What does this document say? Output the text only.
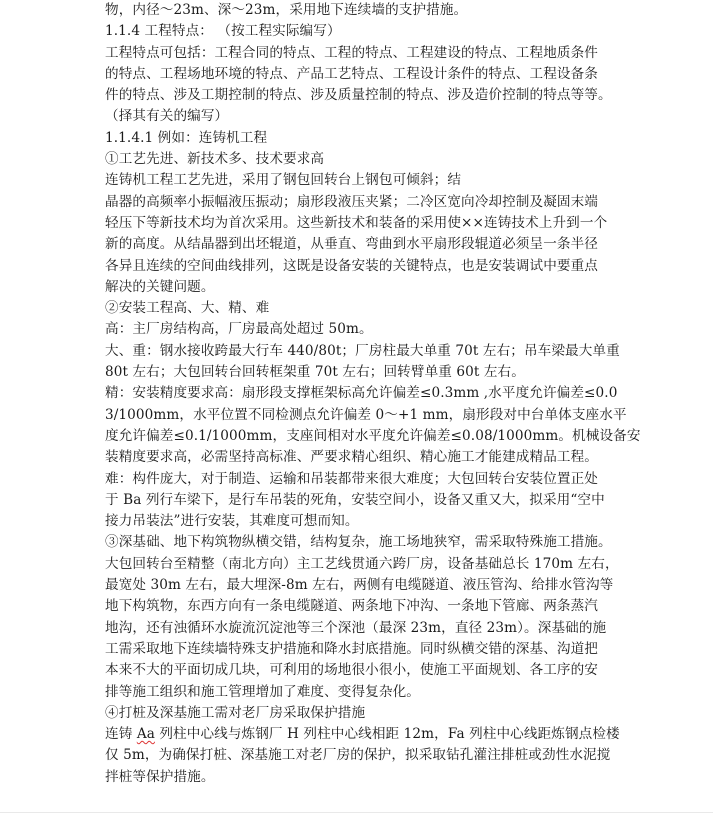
物，内径～23m、深～23m，采用地下连续墙的支护措施。

1.1.4 工程特点： （按工程实际编写）

工程特点可包括：工程合同的特点、工程的特点、工程建设的特点、工程地质条件

的特点、工程场地环境的特点、产品工艺特点、工程设计条件的特点、工程设备条

件的特点、涉及工期控制的特点、涉及质量控制的特点、涉及造价控制的特点等等。

（择其有关的编写）

1.1.4.1 例如：连铸机工程

①工艺先进、新技术多、技术要求高

连铸机工程工艺先进，采用了钢包回转台上钢包可倾斜；结

晶器的高频率小振幅液压振动；扇形段液压夹紧；二冷区宽向冷却控制及凝固末端

轻压下等新技术均为首次采用。这些新技术和装备的采用使××连铸技术上升到一个

新的高度。从结晶器到出坯辊道，从垂直、弯曲到水平扇形段辊道必须呈一条半径

各异且连续的空间曲线排列，这既是设备安装的关键特点，也是安装调试中要重点

解决的关键问题。

②安装工程高、大、精、难

高：主厂房结构高，厂房最高处超过 50m。

大、重：钢水接收跨最大行车 440/80t；厂房柱最大单重 70t 左右；吊车梁最大单重

80t 左右；大包回转台回转框架重 70t 左右；回转臂单重 60t 左右。

精：安装精度要求高：扇形段支撑框架标高允许偏差≤0.3mm ,水平度允许偏差≤0.0

3/1000mm，水平位置不同检测点允许偏差 0～+1 mm，扇形段对中台单体支座水平

度允许偏差≤0.1/1000mm，支座间相对水平度允许偏差≤0.08/1000mm。机械设备安

装精度要求高，必需坚持高标准、严要求精心组织、精心施工才能建成精品工程。

难：构件庞大，对于制造、运输和吊装都带来很大难度；大包回转台安装位置正处

于 Ba 列行车梁下，是行车吊装的死角，安装空间小，设备又重又大，拟采用“空中

接力吊装法”进行安装，其难度可想而知。

③深基础、地下构筑物纵横交错，结构复杂，施工场地狭窄，需采取特殊施工措施。

大包回转台至精整（南北方向）主工艺线贯通六跨厂房，设备基础总长 170m 左右，

最宽处 30m 左右，最大埋深-8m 左右，两侧有电缆隧道、液压管沟、给排水管沟等

地下构筑物，东西方向有一条电缆隧道、两条地下冲沟、一条地下管廊、两条蒸汽

地沟，还有浊循环水旋流沉淀池等三个深池（最深 23m，直径 23m）。深基础的施

工需采取地下连续墙特殊支护措施和降水封底措施。同时纵横交错的深基、沟道把

本来不大的平面切成几块，可利用的场地很小很小，使施工平面规划、各工序的安

排等施工组织和施工管理增加了难度、变得复杂化。

④打桩及深基施工需对老厂房采取保护措施

连铸 Aa 列柱中心线与炼钢厂 H 列柱中心线相距 12m，Fa 列柱中心线距炼钢点检楼

仅 5m，为确保打桩、深基施工对老厂房的保护，拟采取钻孔灌注排桩或劲性水泥搅

拌桩等保护措施。
